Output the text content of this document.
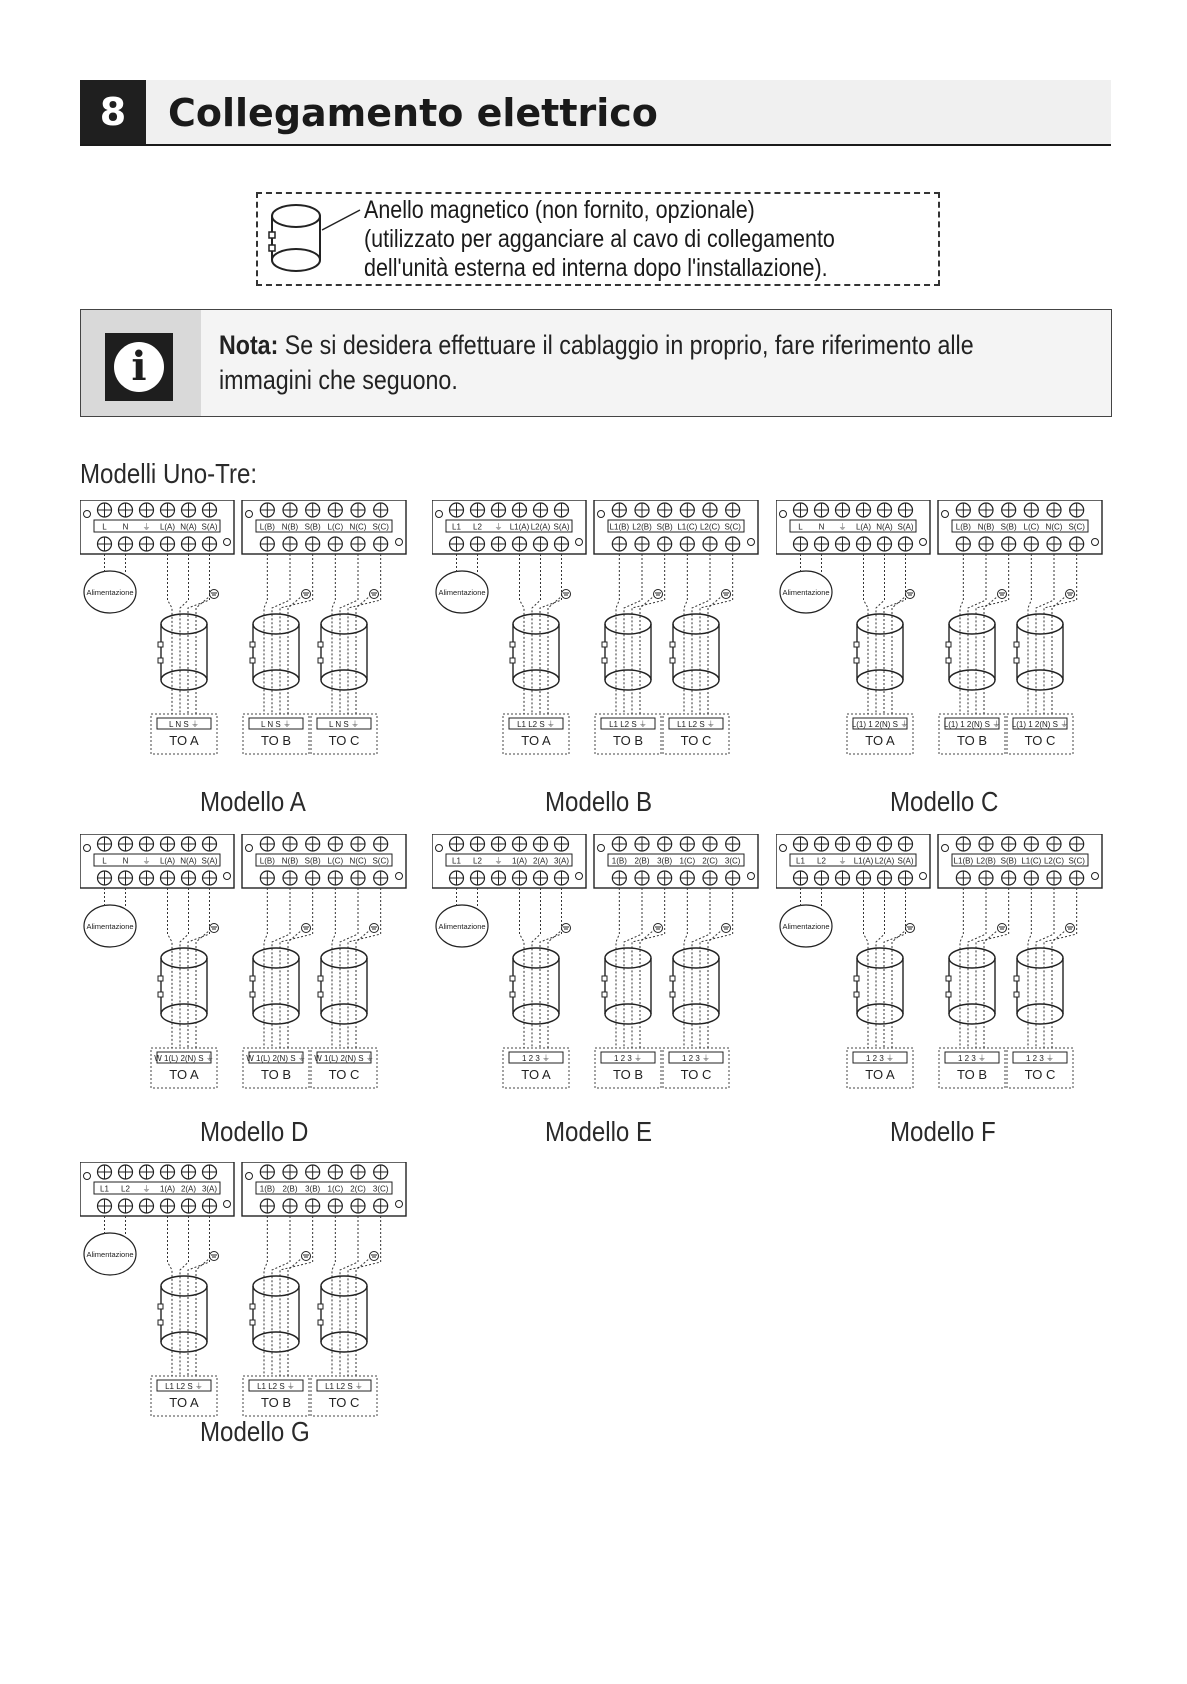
8	Collegamento elettrico
Anello magnetico (non fornito, opzionale)
(utilizzato per agganciare al cavo di collegamento
dell'unità esterna ed interna dopo l'installazione).
i	Nota: Se si desidera effettuare il cablaggio in proprio, fare riferimento alle immagini che seguono.
Modelli Uno-Tre:
L N ⏚ L(A) N(A) S(A)	L(B) N(B) S(B) L(C) N(C) S(C)
Alimentazione
L N S ⏚
TO A
L N S ⏚
TO B
L N S ⏚
TO C
Modello A
L1 L2 ⏚ L1(A) L2(A) S(A)	L1(B) L2(B) S(B) L1(C) L2(C) S(C)
Alimentazione
L1 L2 S ⏚
TO A
L1 L2 S ⏚
TO B
L1 L2 S ⏚
TO C
Modello B
L N ⏚ L(A) N(A) S(A)	L(B) N(B) S(B) L(C) N(C) S(C)
Alimentazione
L(1) 1 2(N) S ⏚
TO A
L(1) 1 2(N) S ⏚
TO B
L(1) 1 2(N) S ⏚
TO C
Modello C
L N ⏚ L(A) N(A) S(A)	L(B) N(B) S(B) L(C) N(C) S(C)
Alimentazione
W 1(L) 2(N) S ⏚
TO A
W 1(L) 2(N) S ⏚
TO B
W 1(L) 2(N) S ⏚
TO C
Modello D
L1 L2 ⏚ 1(A) 2(A) 3(A)	1(B) 2(B) 3(B) 1(C) 2(C) 3(C)
Alimentazione
1 2 3 ⏚
TO A
1 2 3 ⏚
TO B
1 2 3 ⏚
TO C
Modello E
L1 L2 ⏚ L1(A) L2(A) S(A)	L1(B) L2(B) S(B) L1(C) L2(C) S(C)
Alimentazione
1 2 3 ⏚
TO A
1 2 3 ⏚
TO B
1 2 3 ⏚
TO C
Modello F
L1 L2 ⏚ 1(A) 2(A) 3(A)	1(B) 2(B) 3(B) 1(C) 2(C) 3(C)
Alimentazione
L1 L2 S ⏚
TO A
L1 L2 S ⏚
TO B
L1 L2 S ⏚
TO C
Modello G
